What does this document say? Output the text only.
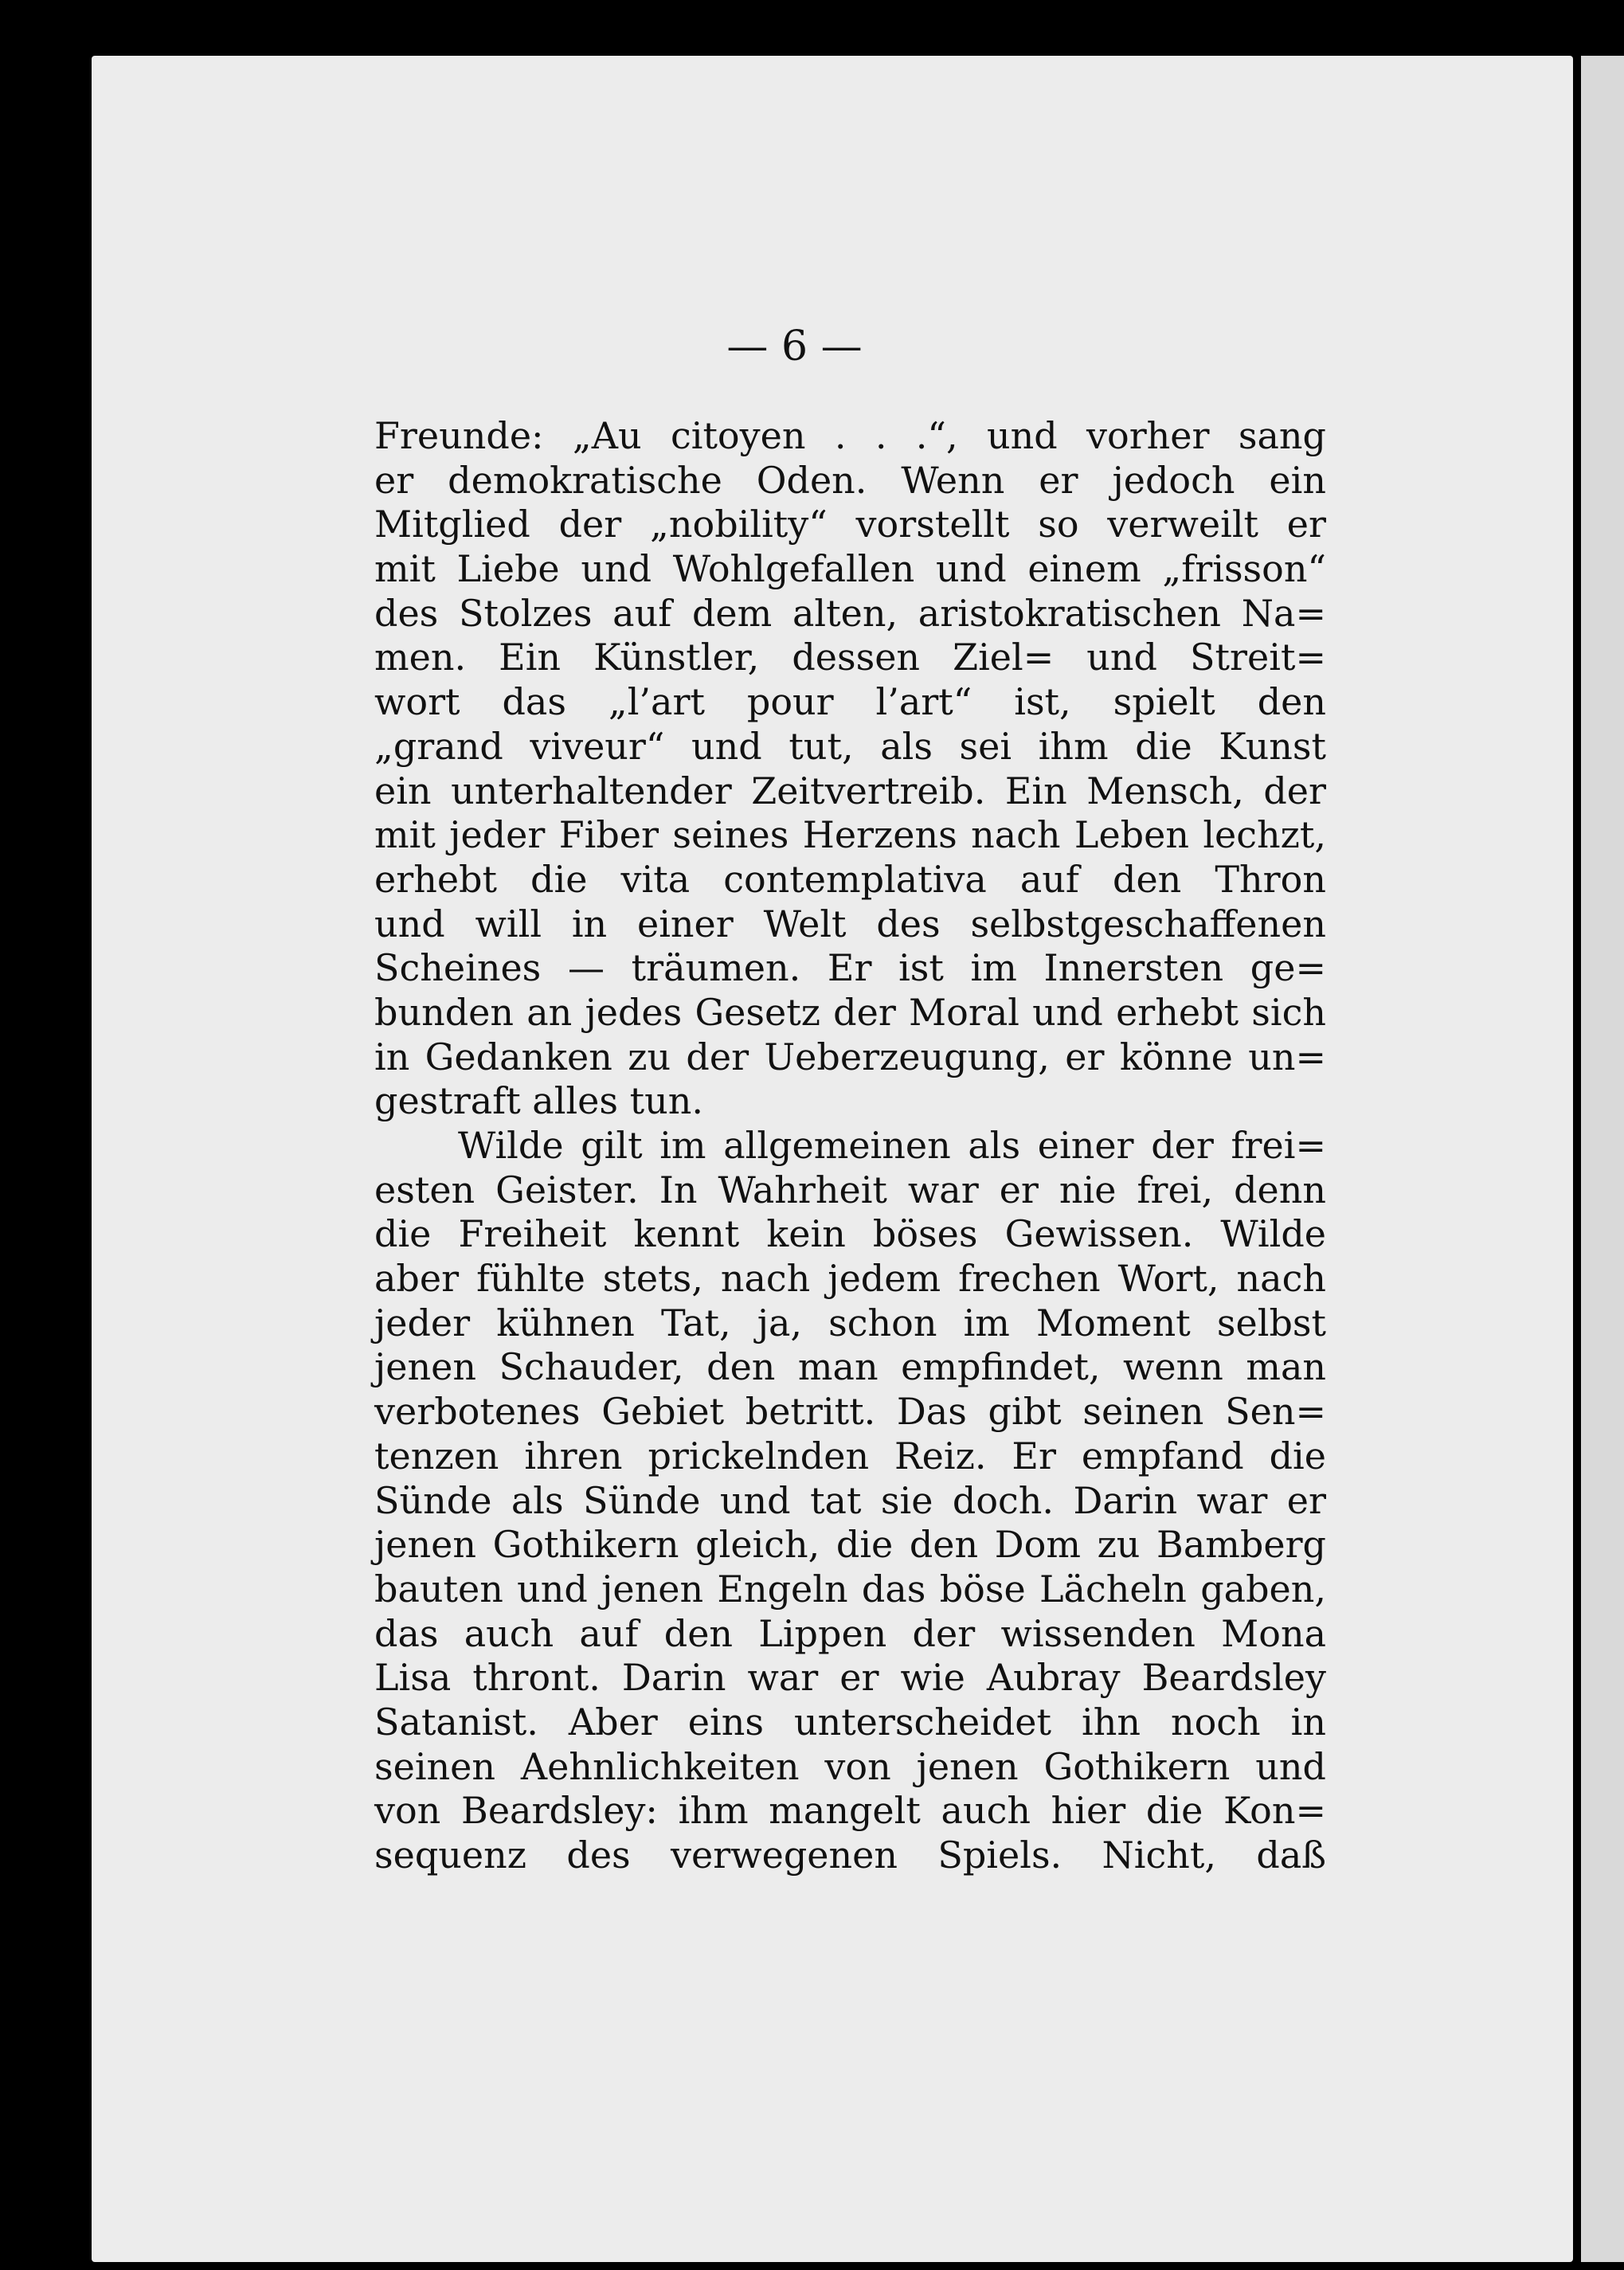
— 6 —
Freunde: „Au citoyen . . .“, und vorher sang
er demokratische Oden. Wenn er jedoch ein
Mitglied der „nobility“ vorstellt so verweilt er
mit Liebe und Wohlgefallen und einem „frisson“
des Stolzes auf dem alten, aristokratischen Na=
men. Ein Künstler, dessen Ziel= und Streit=
wort das „l’art pour l’art“ ist, spielt den
„grand viveur“ und tut, als sei ihm die Kunst
ein unterhaltender Zeitvertreib. Ein Mensch, der
mit jeder Fiber seines Herzens nach Leben lechzt,
erhebt die vita contemplativa auf den Thron
und will in einer Welt des selbstgeschaffenen
Scheines — träumen. Er ist im Innersten ge=
bunden an jedes Gesetz der Moral und erhebt sich
in Gedanken zu der Ueberzeugung, er könne un=
gestraft alles tun.
Wilde gilt im allgemeinen als einer der frei=
esten Geister. In Wahrheit war er nie frei, denn
die Freiheit kennt kein böses Gewissen. Wilde
aber fühlte stets, nach jedem frechen Wort, nach
jeder kühnen Tat, ja, schon im Moment selbst
jenen Schauder, den man empfindet, wenn man
verbotenes Gebiet betritt. Das gibt seinen Sen=
tenzen ihren prickelnden Reiz. Er empfand die
Sünde als Sünde und tat sie doch. Darin war er
jenen Gothikern gleich, die den Dom zu Bamberg
bauten und jenen Engeln das böse Lächeln gaben,
das auch auf den Lippen der wissenden Mona
Lisa thront. Darin war er wie Aubray Beardsley
Satanist. Aber eins unterscheidet ihn noch in
seinen Aehnlichkeiten von jenen Gothikern und
von Beardsley: ihm mangelt auch hier die Kon=
sequenz des verwegenen Spiels. Nicht, daß
